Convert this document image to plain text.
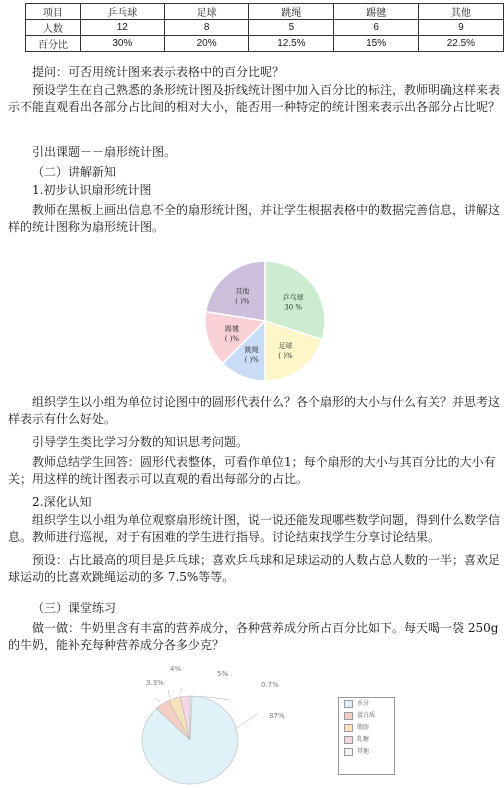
项目	乒乓球	足球	跳绳	踢毽	其他
人数	12	8	5	6	9
百分比	30%	20%	12.5%	15%	22.5%

提问：可否用统计图来表示表格中的百分比呢？

预设学生在自己熟悉的条形统计图及折线统计图中加入百分比的标注，教师明确这样来表示不能直观看出各部分占比间的相对大小，能否用一种特定的统计图来表示出各部分占比呢？

引出课题－－扇形统计图。

（二）讲解新知

1.初步认识扇形统计图

教师在黑板上画出信息不全的扇形统计图，并让学生根据表格中的数据完善信息，讲解这样的统计图称为扇形统计图。

乒乓球
30 %
足球
( )%
跳绳
( )%
踢毽
( )%
其他
( )%

组织学生以小组为单位讨论图中的圆形代表什么？各个扇形的大小与什么有关？并思考这样表示有什么好处。

引导学生类比学习分数的知识思考问题。

教师总结学生回答：圆形代表整体，可看作单位1；每个扇形的大小与其百分比的大小有关；用这样的统计图表示可以直观的看出每部分的占比。

2.深化认知

组织学生以小组为单位观察扇形统计图，说一说还能发现哪些数学问题，得到什么数学信息。教师进行巡视，对于有困难的学生进行指导。讨论结束找学生分享讨论结果。

预设：占比最高的项目是乒乓球；喜欢乒乓球和足球运动的人数占总人数的一半；喜欢足球运动的比喜欢跳绳运动的多 7.5%等等。

（三）课堂练习

做一做：牛奶里含有丰富的营养成分，各种营养成分所占百分比如下。每天喝一袋 250g 的牛奶，能补充每种营养成分各多少克？

87%
5%
4%
3.3%	0.7%
水分
蛋白质
脂肪
乳糖
其他
